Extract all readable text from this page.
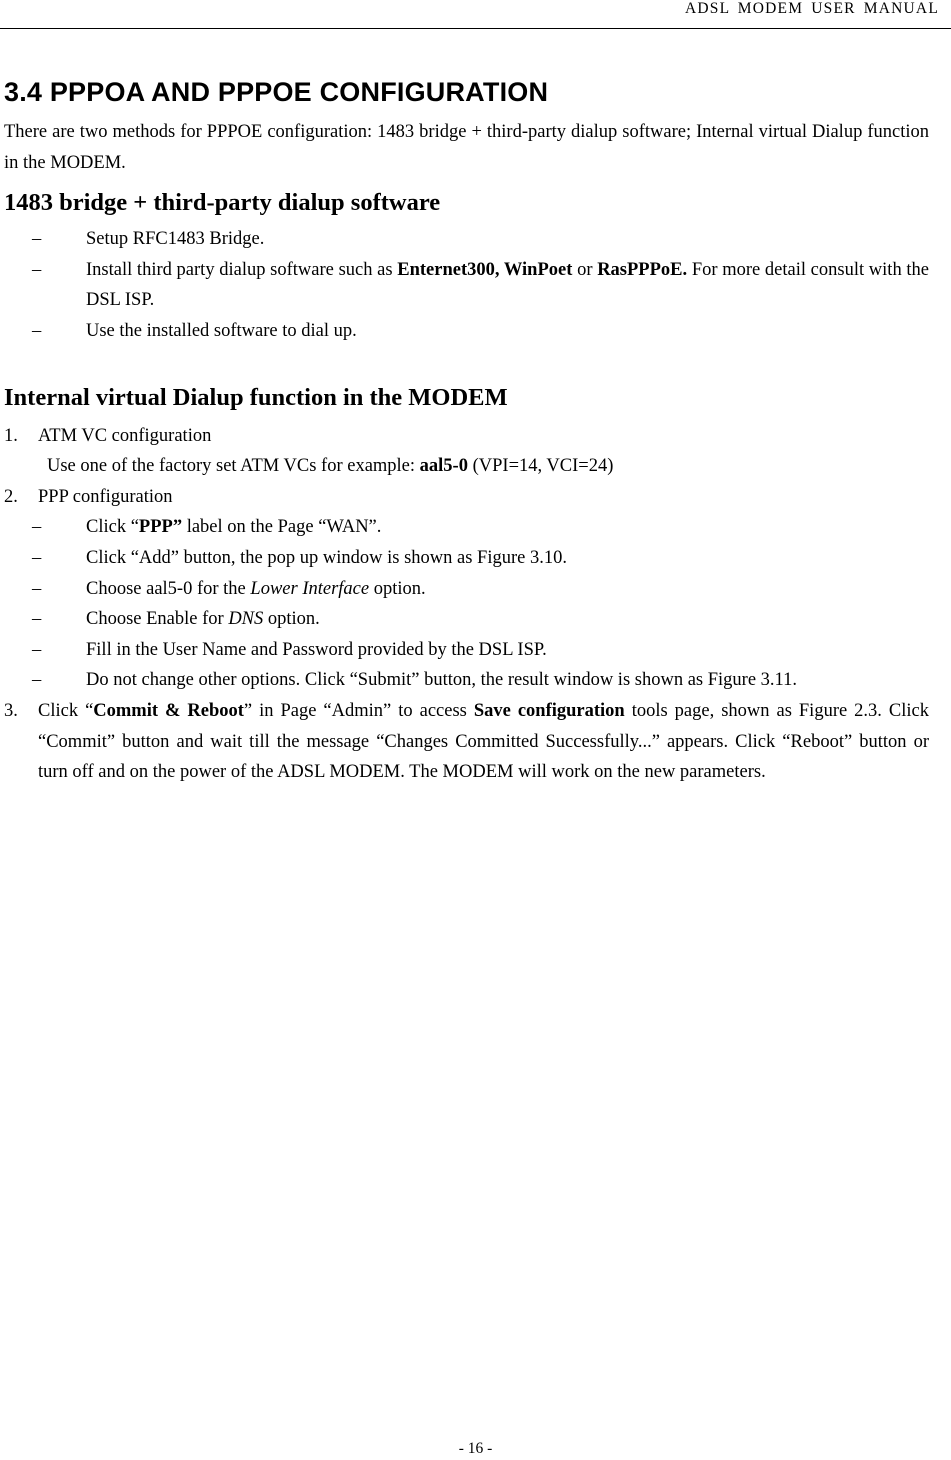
ADSL MODEM USER MANUAL
3.4 PPPOA AND PPPOE CONFIGURATION

There are two methods for PPPOE configuration: 1483 bridge + third-party dialup software; Internal virtual Dialup function in the MODEM.

1483 bridge + third-party dialup software
– Setup RFC1483 Bridge.
– Install third party dialup software such as Enternet300, WinPoet or RasPPPoE. For more detail consult with the DSL ISP.
– Use the installed software to dial up.
Internal virtual Dialup function in the MODEM
1. ATM VC configuration
Use one of the factory set ATM VCs for example: aal5-0 (VPI=14, VCI=24)
2. PPP configuration
– Click “PPP” label on the Page “WAN”.
– Click “Add” button, the pop up window is shown as Figure 3.10.
– Choose aal5-0 for the Lower Interface option.
– Choose Enable for DNS option.
– Fill in the User Name and Password provided by the DSL ISP.
– Do not change other options. Click “Submit” button, the result window is shown as Figure 3.11.
3. Click “Commit & Reboot” in Page “Admin” to access Save configuration tools page, shown as Figure 2.3. Click “Commit” button and wait till the message “Changes Committed Successfully...” appears. Click “Reboot” button or turn off and on the power of the ADSL MODEM. The MODEM will work on the new parameters.
- 16 -
